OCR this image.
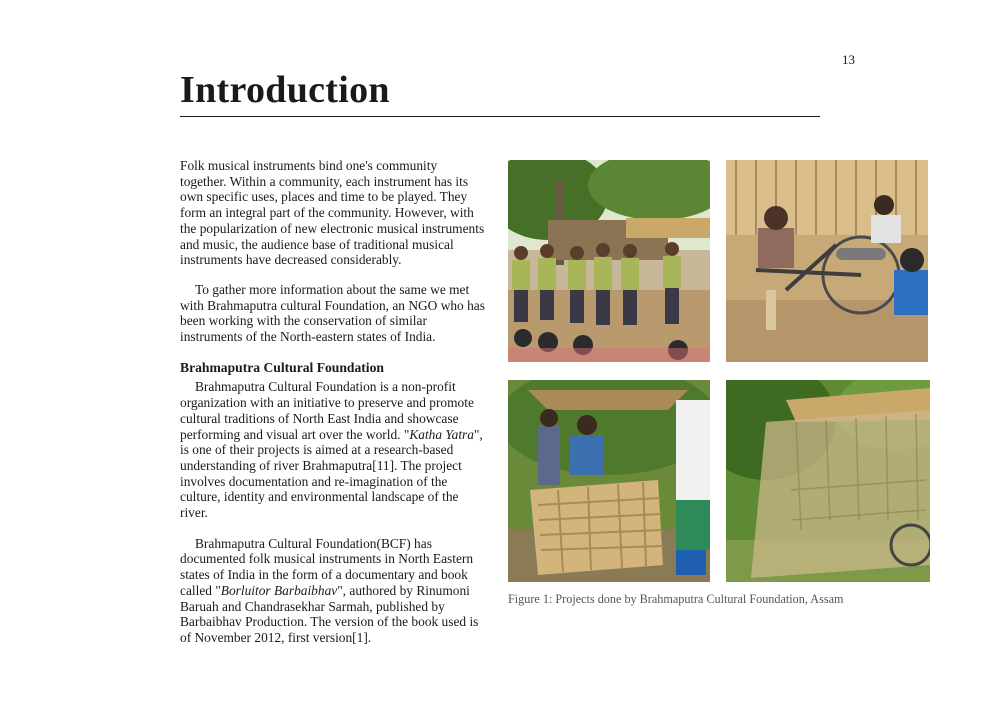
13
Introduction

Folk musical instruments bind one's community together. Within a community, each instrument has its own specific uses, places and time to be played. They form an integral part of the community. However, with the popularization of new electronic musical instruments and music, the audience base of traditional musical instruments have decreased considerably.

To gather more information about the same we met with Brahmaputra cultural Foundation, an NGO who has been working with the conservation of similar instruments of the North-eastern states of India.

Brahmaputra Cultural Foundation

Brahmaputra Cultural Foundation is a non-profit organization with an initiative to preserve and promote cultural traditions of North East India and showcase performing and visual art over the world. "Katha Yatra", is one of their projects is aimed at a research-based understanding of river Brahmaputra[11]. The project involves documentation and re-imagination of the culture, identity and environmental landscape of the river.

Brahmaputra Cultural Foundation(BCF) has documented folk musical instruments in North Eastern states of India in the form of a documentary and book called "Borluitor Barbaibhav", authored by Rinumoni Baruah and Chandrasekhar Sarmah, published by Barbaibhav Production. The version of the book used is of November 2012, first version[1].

Figure 1: Projects done by Brahmaputra Cultural Foundation, Assam
